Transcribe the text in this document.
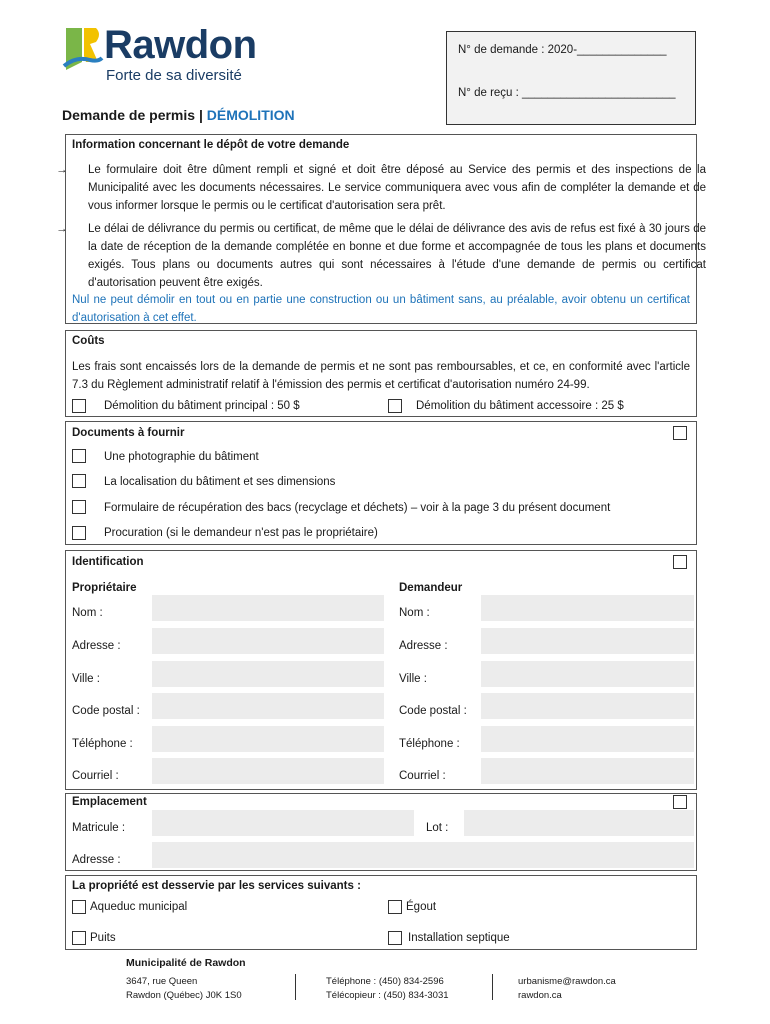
Rawdon
Forte de sa diversité
N° de demande : 2020-______________
N° de reçu : ________________________
Demande de permis | DÉMOLITION
Information concernant le dépôt de votre demande
→ Le formulaire doit être dûment rempli et signé et doit être déposé au Service des permis et des inspections de la Municipalité avec les documents nécessaires. Le service communiquera avec vous afin de compléter la demande et de vous informer lorsque le permis ou le certificat d'autorisation sera prêt.
→ Le délai de délivrance du permis ou certificat, de même que le délai de délivrance des avis de refus est fixé à 30 jours de la date de réception de la demande complétée en bonne et due forme et accompagnée de tous les plans et documents exigés. Tous plans ou documents autres qui sont nécessaires à l'étude d'une demande de permis ou certificat d'autorisation peuvent être exigés.
Nul ne peut démolir en tout ou en partie une construction ou un bâtiment sans, au préalable, avoir obtenu un certificat d'autorisation à cet effet.
Coûts
Les frais sont encaissés lors de la demande de permis et ne sont pas remboursables, et ce, en conformité avec l'article 7.3 du Règlement administratif relatif à l'émission des permis et certificat d'autorisation numéro 24-99.
Démolition du bâtiment principal : 50 $	Démolition du bâtiment accessoire : 25 $
Documents à fournir
Une photographie du bâtiment
La localisation du bâtiment et ses dimensions
Formulaire de récupération des bacs (recyclage et déchets) – voir à la page 3 du présent document
Procuration (si le demandeur n'est pas le propriétaire)
Identification
Propriétaire	Demandeur
Nom :	Nom :
Adresse :	Adresse :
Ville :	Ville :
Code postal :	Code postal :
Téléphone :	Téléphone :
Courriel :	Courriel :
Emplacement
Matricule :	Lot :
Adresse :
La propriété est desservie par les services suivants :
Aqueduc municipal	Égout
Puits	Installation septique
Municipalité de Rawdon
3647, rue Queen
Rawdon (Québec) J0K 1S0
Téléphone : (450) 834-2596
Télécopieur : (450) 834-3031
urbanisme@rawdon.ca
rawdon.ca
